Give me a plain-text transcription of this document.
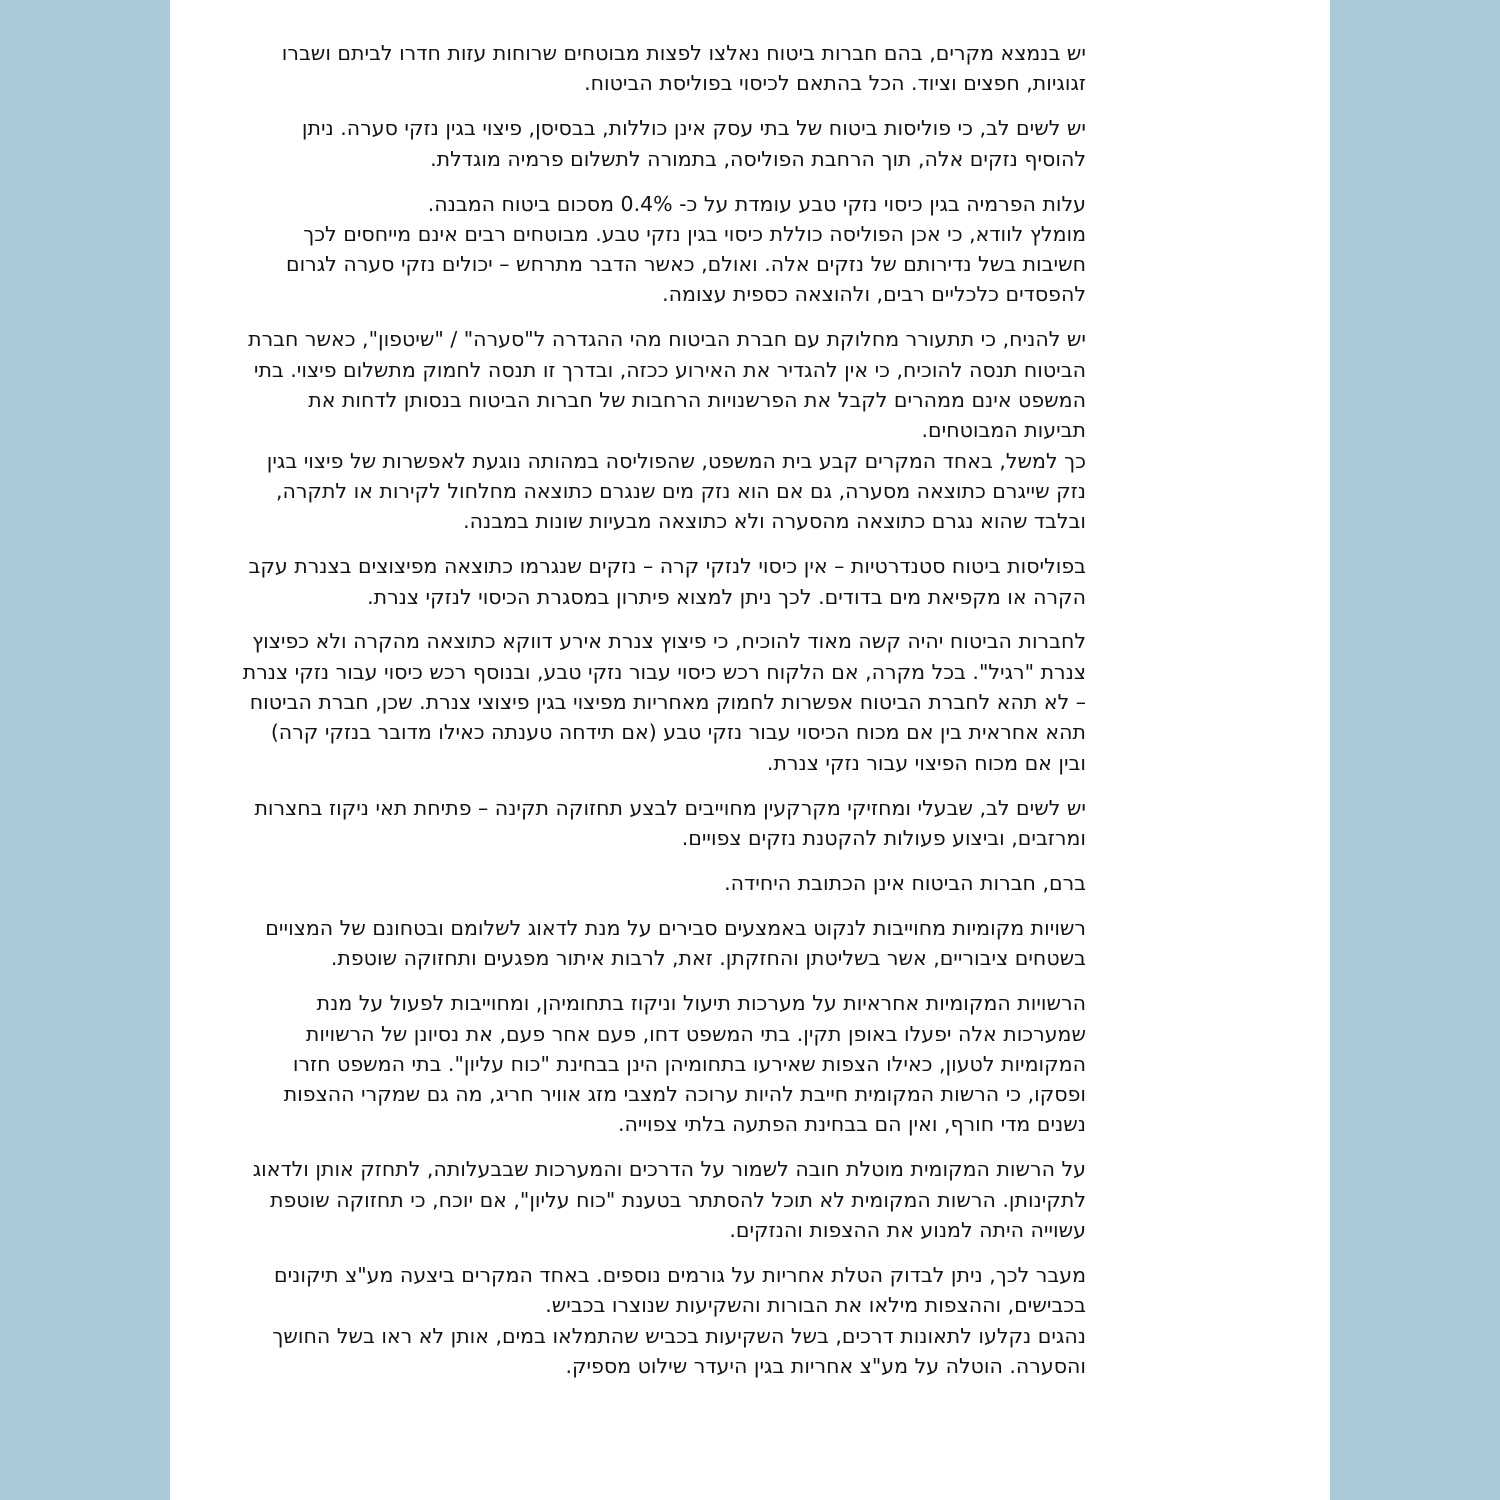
יש בנמצא מקרים, בהם חברות ביטוח נאלצו לפצות מבוטחים שרוחות עזות חדרו לביתם ושברו
זגוגיות, חפצים וציוד. הכל בהתאם לכיסוי בפוליסת הביטוח.
יש לשים לב, כי פוליסות ביטוח של בתי עסק אינן כוללות, בבסיסן, פיצוי בגין נזקי סערה. ניתן
להוסיף נזקים אלה, תוך הרחבת הפוליסה, בתמורה לתשלום פרמיה מוגדלת.
עלות הפרמיה בגין כיסוי נזקי טבע עומדת על כ- 0.4% מסכום ביטוח המבנה.
מומלץ לוודא, כי אכן הפוליסה כוללת כיסוי בגין נזקי טבע. מבוטחים רבים אינם מייחסים לכך
חשיבות בשל נדירותם של נזקים אלה. ואולם, כאשר הדבר מתרחש – יכולים נזקי סערה לגרום
להפסדים כלכליים רבים, ולהוצאה כספית עצומה.
יש להניח, כי תתעורר מחלוקת עם חברת הביטוח מהי ההגדרה ל"סערה" / "שיטפון", כאשר חברת
הביטוח תנסה להוכיח, כי אין להגדיר את האירוע ככזה, ובדרך זו תנסה לחמוק מתשלום פיצוי. בתי
המשפט אינם ממהרים לקבל את הפרשנויות הרחבות של חברות הביטוח בנסותן לדחות את
תביעות המבוטחים.
כך למשל, באחד המקרים קבע בית המשפט, שהפוליסה במהותה נוגעת לאפשרות של פיצוי בגין
נזק שייגרם כתוצאה מסערה, גם אם הוא נזק מים שנגרם כתוצאה מחלחול לקירות או לתקרה,
ובלבד שהוא נגרם כתוצאה מהסערה ולא כתוצאה מבעיות שונות במבנה.
בפוליסות ביטוח סטנדרטיות – אין כיסוי לנזקי קרה – נזקים שנגרמו כתוצאה מפיצוצים בצנרת עקב
הקרה או מקפיאת מים בדודים. לכך ניתן למצוא פיתרון במסגרת הכיסוי לנזקי צנרת.
לחברות הביטוח יהיה קשה מאוד להוכיח, כי פיצוץ צנרת אירע דווקא כתוצאה מהקרה ולא כפיצוץ
צנרת "רגיל". בכל מקרה, אם הלקוח רכש כיסוי עבור נזקי טבע, ובנוסף רכש כיסוי עבור נזקי צנרת
– לא תהא לחברת הביטוח אפשרות לחמוק מאחריות מפיצוי בגין פיצוצי צנרת. שכן, חברת הביטוח
תהא אחראית בין אם מכוח הכיסוי עבור נזקי טבע (אם תידחה טענתה כאילו מדובר בנזקי קרה)
ובין אם מכוח הפיצוי עבור נזקי צנרת.
יש לשים לב, שבעלי ומחזיקי מקרקעין מחוייבים לבצע תחזוקה תקינה – פתיחת תאי ניקוז בחצרות
ומרזבים, וביצוע פעולות להקטנת נזקים צפויים.
ברם, חברות הביטוח אינן הכתובת היחידה.
רשויות מקומיות מחוייבות לנקוט באמצעים סבירים על מנת לדאוג לשלומם ובטחונם של המצויים
בשטחים ציבוריים, אשר בשליטתן והחזקתן. זאת, לרבות איתור מפגעים ותחזוקה שוטפת.
הרשויות המקומיות אחראיות על מערכות תיעול וניקוז בתחומיהן, ומחוייבות לפעול על מנת
שמערכות אלה יפעלו באופן תקין. בתי המשפט דחו, פעם אחר פעם, את נסיונן של הרשויות
המקומיות לטעון, כאילו הצפות שאירעו בתחומיהן הינן בבחינת "כוח עליון". בתי המשפט חזרו
ופסקו, כי הרשות המקומית חייבת להיות ערוכה למצבי מזג אוויר חריג, מה גם שמקרי ההצפות
נשנים מדי חורף, ואין הם בבחינת הפתעה בלתי צפוייה.
על הרשות המקומית מוטלת חובה לשמור על הדרכים והמערכות שבבעלותה, לתחזק אותן ולדאוג
לתקינותן. הרשות המקומית לא תוכל להסתתר בטענת "כוח עליון", אם יוכח, כי תחזוקה שוטפת
עשוייה היתה למנוע את ההצפות והנזקים.
מעבר לכך, ניתן לבדוק הטלת אחריות על גורמים נוספים. באחד המקרים ביצעה מע"צ תיקונים
בכבישים, וההצפות מילאו את הבורות והשקיעות שנוצרו בכביש.
נהגים נקלעו לתאונות דרכים, בשל השקיעות בכביש שהתמלאו במים, אותן לא ראו בשל החושך
והסערה. הוטלה על מע"צ אחריות בגין היעדר שילוט מספיק.
